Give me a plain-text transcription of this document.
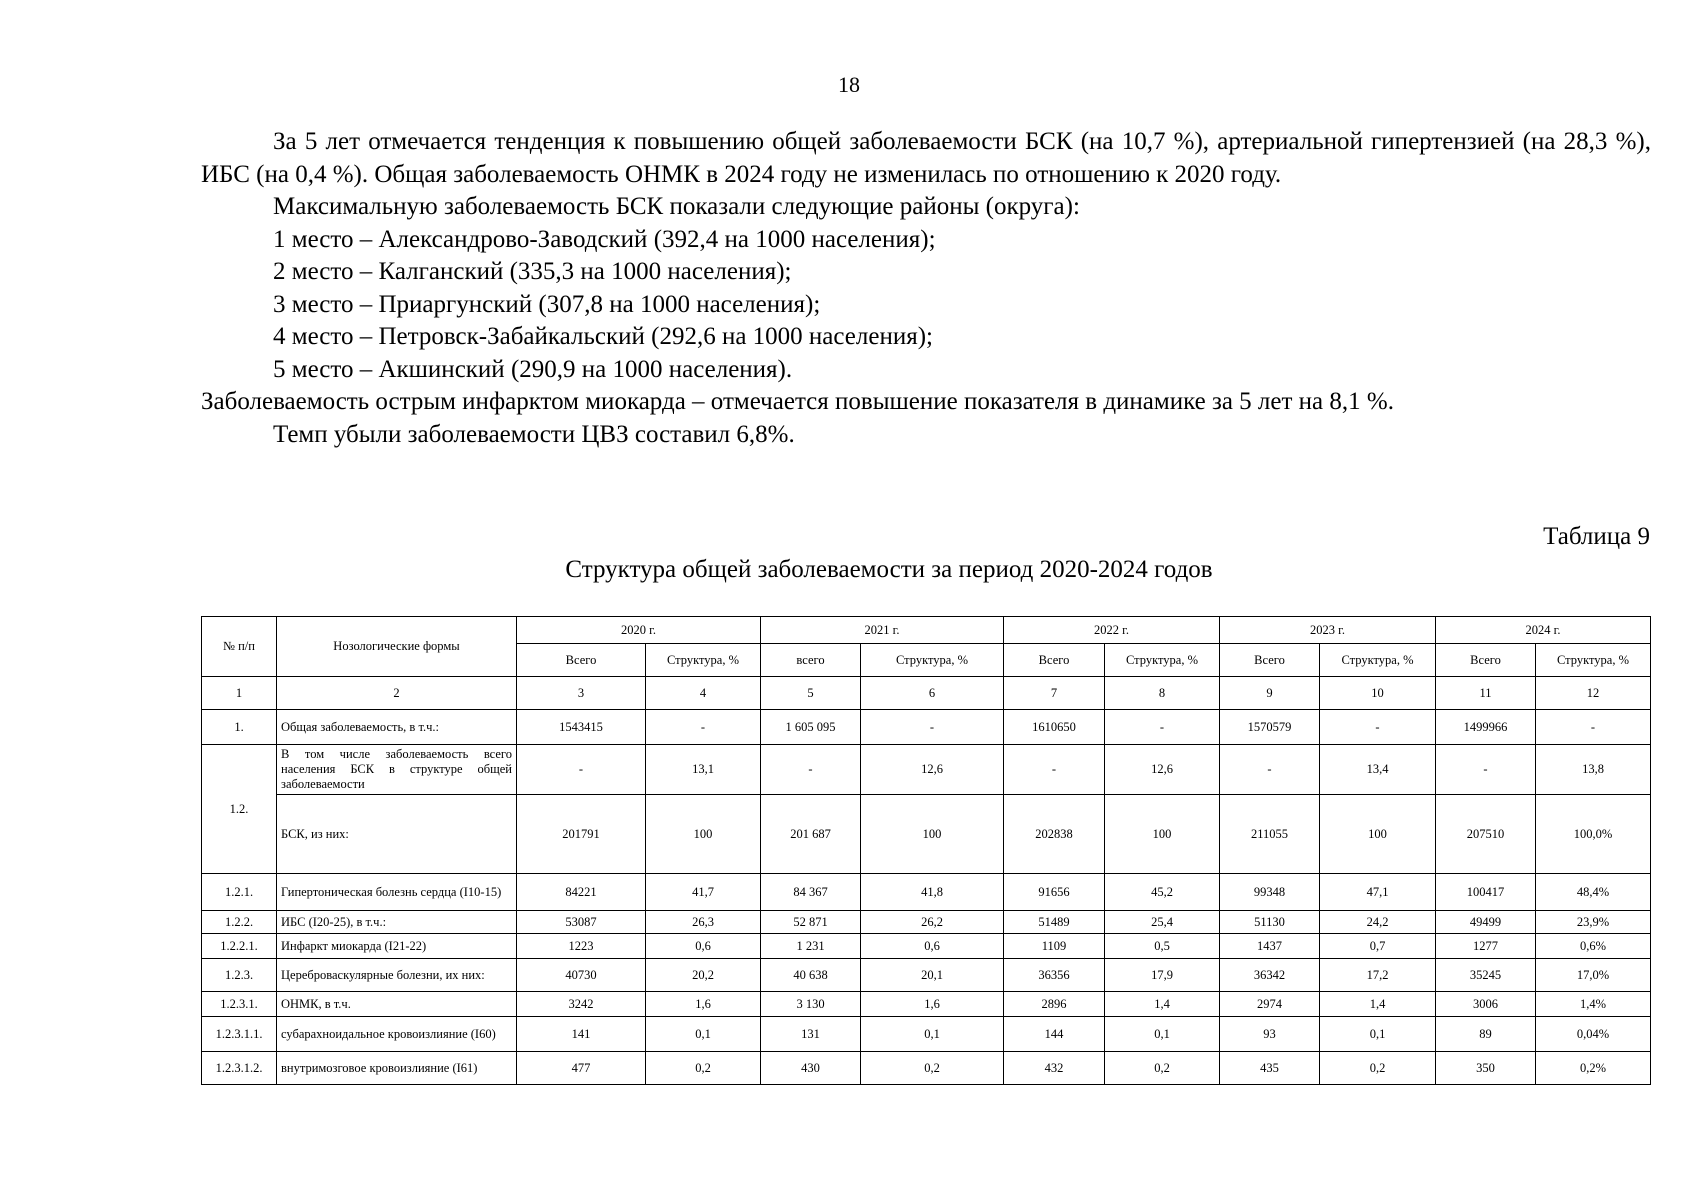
18

За 5 лет отмечается тенденция к повышению общей заболеваемости БСК (на 10,7 %), артериальной гипертензией (на 28,3 %), ИБС (на 0,4 %). Общая заболеваемость ОНМК в 2024 году не изменилась по отношению к 2020 году.

Максимальную заболеваемость БСК показали следующие районы (округа):

1 место – Александрово-Заводский (392,4 на 1000 населения);

2 место – Калганский (335,3 на 1000 населения);

3 место – Приаргунский (307,8 на 1000 населения);

4 место – Петровск-Забайкальский (292,6 на 1000 населения);

5 место – Акшинский (290,9 на 1000 населения).

Заболеваемость острым инфарктом миокарда – отмечается повышение показателя в динамике за 5 лет на 8,1 %.

Темп убыли заболеваемости ЦВЗ составил 6,8%.

Таблица 9
Структура общей заболеваемости за период 2020-2024 годов
№ п/п	Нозологические формы	2020 г.		2021 г.		2022 г.		2023 г.		2024 г.	
		Всего	Структура, %	всего	Структура, %	Всего	Структура, %	Всего	Структура, %	Всего	Структура, %
1	2	3	4	5	6	7	8	9	10	11	12
1.	Общая заболеваемость, в т.ч.:	1543415	-	1 605 095	-	1610650	-	1570579	-	1499966	-
1.2.	В том числе заболеваемость всего населения БСК в структуре общей заболеваемости	-	13,1	-	12,6	-	12,6	-	13,4	-	13,8
	БСК, из них:	201791	100	201 687	100	202838	100	211055	100	207510	100,0%
1.2.1.	Гипертоническая болезнь сердца (I10-15)	84221	41,7	84 367	41,8	91656	45,2	99348	47,1	100417	48,4%
1.2.2.	ИБС (I20-25), в т.ч.:	53087	26,3	52 871	26,2	51489	25,4	51130	24,2	49499	23,9%
1.2.2.1.	Инфаркт миокарда (I21-22)	1223	0,6	1 231	0,6	1109	0,5	1437	0,7	1277	0,6%
1.2.3.	Цереброваскулярные болезни, их них:	40730	20,2	40 638	20,1	36356	17,9	36342	17,2	35245	17,0%
1.2.3.1.	ОНМК, в т.ч.	3242	1,6	3 130	1,6	2896	1,4	2974	1,4	3006	1,4%
1.2.3.1.1.	субарахноидальное кровоизлияние (I60)	141	0,1	131	0,1	144	0,1	93	0,1	89	0,04%
1.2.3.1.2.	внутримозговое кровоизлияние (I61)	477	0,2	430	0,2	432	0,2	435	0,2	350	0,2%
